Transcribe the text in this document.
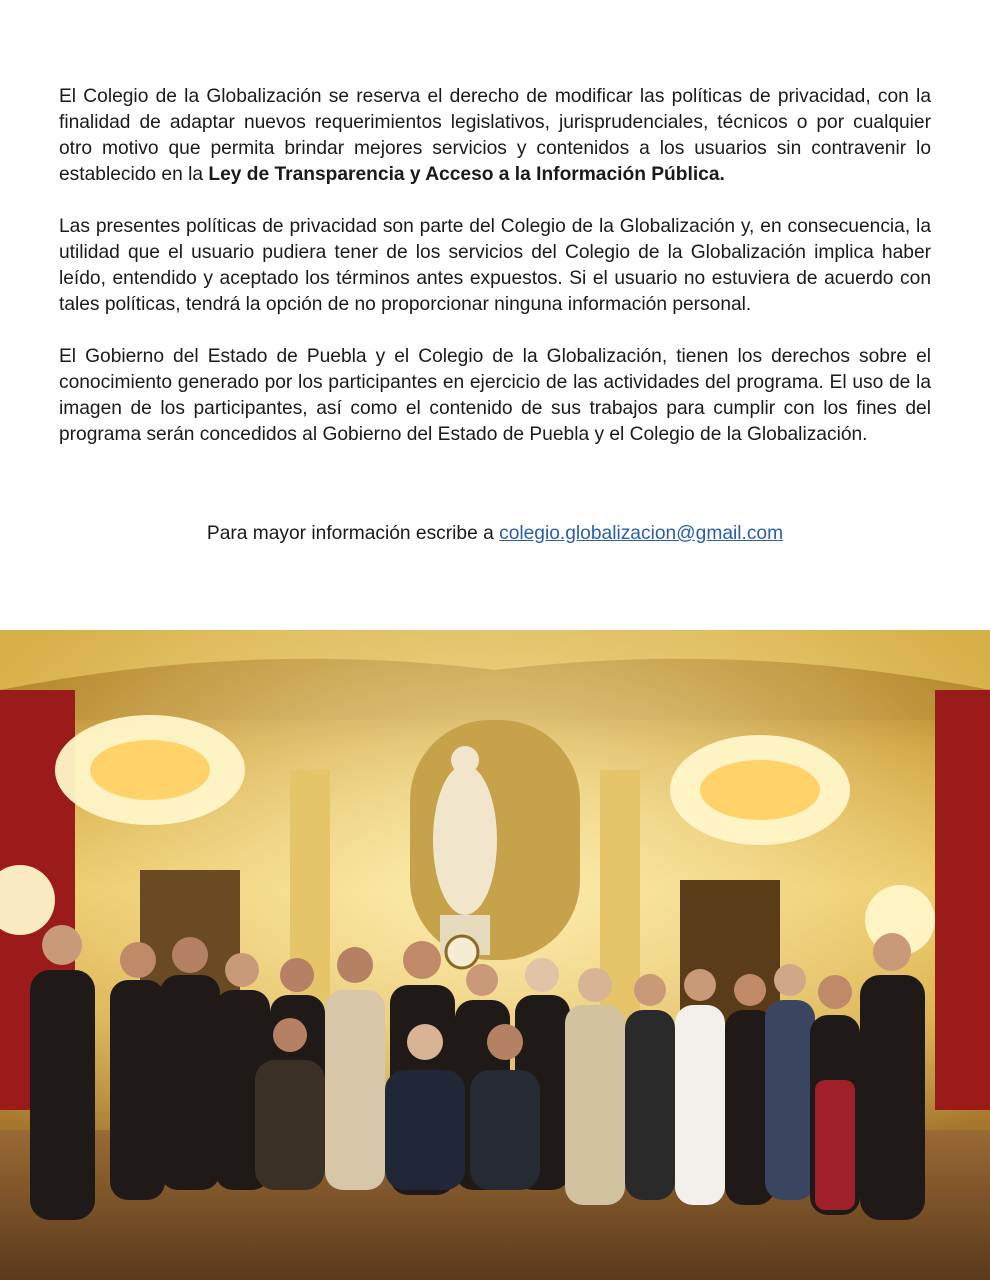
El Colegio de la Globalización se reserva el derecho de modificar las políticas de privacidad, con la finalidad de adaptar nuevos requerimientos legislativos, jurisprudenciales, técnicos o por cualquier otro motivo que permita brindar mejores servicios y contenidos a los usuarios sin contravenir lo establecido en la Ley de Transparencia y Acceso a la Información Pública.

Las presentes políticas de privacidad son parte del Colegio de la Globalización y, en consecuencia, la utilidad que el usuario pudiera tener de los servicios del Colegio de la Globalización implica haber leído, entendido y aceptado los términos antes expuestos. Si el usuario no estuviera de acuerdo con tales políticas, tendrá la opción de no proporcionar ninguna información personal.

El Gobierno del Estado de Puebla y el Colegio de la Globalización, tienen los derechos sobre el conocimiento generado por los participantes en ejercicio de las actividades del programa. El uso de la imagen de los participantes, así como el contenido de sus trabajos para cumplir con los fines del programa serán concedidos al Gobierno del Estado de Puebla y el Colegio de la Globalización.

Para mayor información escribe a colegio.globalizacion@gmail.com
